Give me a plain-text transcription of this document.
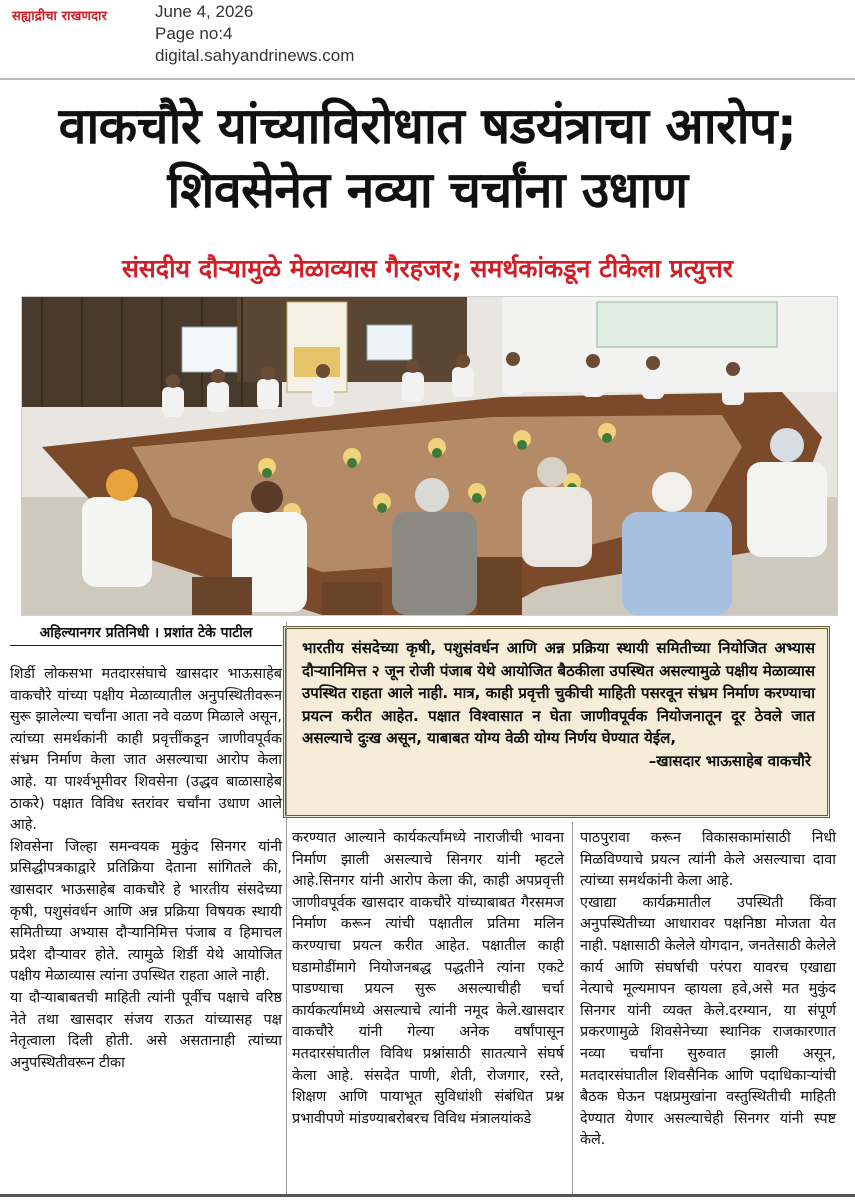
सह्याद्रीचा राखणदार	June 4, 2026
Page no:4
digital.sahyandrinews.com
वाकचौरे यांच्याविरोधात षडयंत्राचा आरोप; शिवसेनेत नव्या चर्चांना उधाण
संसदीय दौऱ्यामुळे मेळाव्यास गैरहजर; समर्थकांकडून टीकेला प्रत्युत्तर
अहिल्यानगर प्रतिनिधी । प्रशांत टेके पाटील

भारतीय संसदेच्या कृषी, पशुसंवर्धन आणि अन्न प्रक्रिया स्थायी समितीच्या नियोजित अभ्यास दौऱ्यानिमित्त २ जून रोजी पंजाब येथे आयोजित बैठकीला उपस्थित असल्यामुळे पक्षीय मेळाव्यास उपस्थित राहता आले नाही. मात्र, काही प्रवृत्ती चुकीची माहिती पसरवून संभ्रम निर्माण करण्याचा प्रयत्न करीत आहेत. पक्षात विश्वासात न घेता जाणीवपूर्वक नियोजनातून दूर ठेवले जात असल्याचे दुःख असून, याबाबत योग्य वेळी योग्य निर्णय घेण्यात येईल,

–खासदार भाऊसाहेब वाकचौरे

शिर्डी लोकसभा मतदारसंघाचे खासदार भाऊसाहेब वाकचौरे यांच्या पक्षीय मेळाव्यातील अनुपस्थितीवरून सुरू झालेल्या चर्चांना आता नवे वळण मिळाले असून, त्यांच्या समर्थकांनी काही प्रवृत्तींकडून जाणीवपूर्वक संभ्रम निर्माण केला जात असल्याचा आरोप केला आहे. या पार्श्वभूमीवर शिवसेना (उद्धव बाळासाहेब ठाकरे) पक्षात विविध स्तरांवर चर्चांना उधाण आले आहे.

शिवसेना जिल्हा समन्वयक मुकुंद सिनगर यांनी प्रसिद्धीपत्रकाद्वारे प्रतिक्रिया देताना सांगितले की, खासदार भाऊसाहेब वाकचौरे हे भारतीय संसदेच्या कृषी, पशुसंवर्धन आणि अन्न प्रक्रिया विषयक स्थायी समितीच्या अभ्यास दौऱ्यानिमित्त पंजाब व हिमाचल प्रदेश दौऱ्यावर होते. त्यामुळे शिर्डी येथे आयोजित पक्षीय मेळाव्यास त्यांना उपस्थित राहता आले नाही.

या दौऱ्याबाबतची माहिती त्यांनी पूर्वीच पक्षाचे वरिष्ठ नेते तथा खासदार संजय राऊत यांच्यासह पक्ष नेतृत्वाला दिली होती. असे असतानाही त्यांच्या अनुपस्थितीवरून टीका

करण्यात आल्याने कार्यकर्त्यांमध्ये नाराजीची भावना निर्माण झाली असल्याचे सिनगर यांनी म्हटले आहे.सिनगर यांनी आरोप केला की, काही अपप्रवृत्ती जाणीवपूर्वक खासदार वाकचौरे यांच्याबाबत गैरसमज निर्माण करून त्यांची पक्षातील प्रतिमा मलिन करण्याचा प्रयत्न करीत आहेत. पक्षातील काही घडामोडींमागे नियोजनबद्ध पद्धतीने त्यांना एकटे पाडण्याचा प्रयत्न सुरू असल्याचीही चर्चा कार्यकर्त्यांमध्ये असल्याचे त्यांनी नमूद केले.खासदार वाकचौरे यांनी गेल्या अनेक वर्षांपासून मतदारसंघातील विविध प्रश्नांसाठी सातत्याने संघर्ष केला आहे. संसदेत पाणी, शेती, रोजगार, रस्ते, शिक्षण आणि पायाभूत सुविधांशी संबंधित प्रश्न प्रभावीपणे मांडण्याबरोबरच विविध मंत्रालयांकडे

पाठपुरावा करून विकासकामांसाठी निधी मिळविण्याचे प्रयत्न त्यांनी केले असल्याचा दावा त्यांच्या समर्थकांनी केला आहे.

एखाद्या कार्यक्रमातील उपस्थिती किंवा अनुपस्थितीच्या आधारावर पक्षनिष्ठा मोजता येत नाही. पक्षासाठी केलेले योगदान, जनतेसाठी केलेले कार्य आणि संघर्षाची परंपरा यावरच एखाद्या नेत्याचे मूल्यमापन व्हायला हवे,असे मत मुकुंद सिनगर यांनी व्यक्त केले.दरम्यान, या संपूर्ण प्रकरणामुळे शिवसेनेच्या स्थानिक राजकारणात नव्या चर्चांना सुरुवात झाली असून, मतदारसंघातील शिवसैनिक आणि पदाधिकाऱ्यांची बैठक घेऊन पक्षप्रमुखांना वस्तुस्थितीची माहिती देण्यात येणार असल्याचेही सिनगर यांनी स्पष्ट केले.
